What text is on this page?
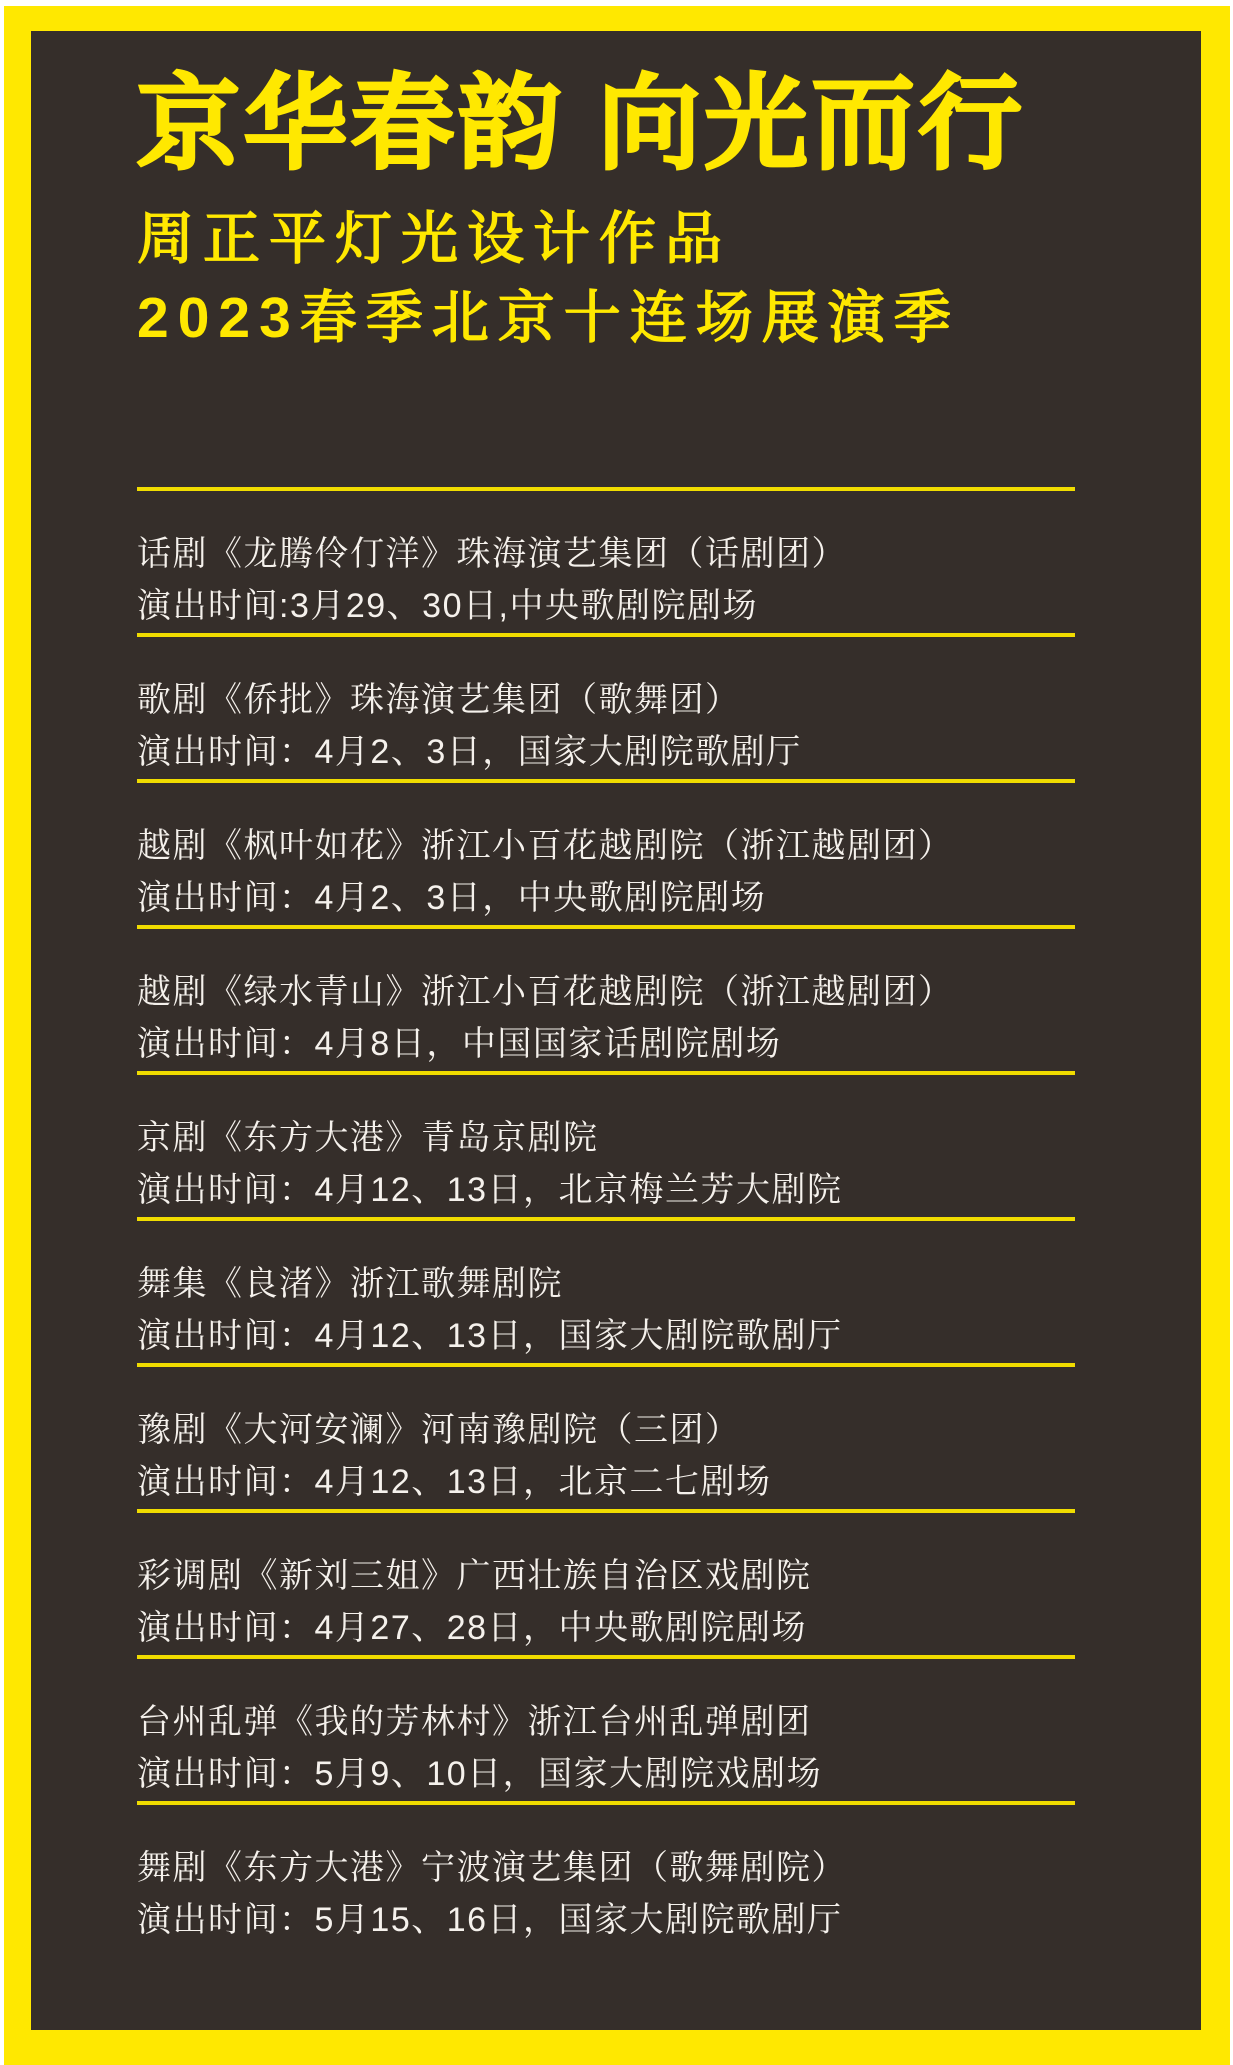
京华春韵 向光而行
周正平灯光设计作品
2023春季北京十连场展演季

话剧《龙腾伶仃洋》珠海演艺集团（话剧团）

演出时间:3月29、30日,中央歌剧院剧场

歌剧《侨批》珠海演艺集团（歌舞团）

演出时间：4月2、3日，国家大剧院歌剧厅

越剧《枫叶如花》浙江小百花越剧院（浙江越剧团）

演出时间：4月2、3日，中央歌剧院剧场

越剧《绿水青山》浙江小百花越剧院（浙江越剧团）

演出时间：4月8日，中国国家话剧院剧场

京剧《东方大港》青岛京剧院

演出时间：4月12、13日，北京梅兰芳大剧院

舞集《良渚》浙江歌舞剧院

演出时间：4月12、13日，国家大剧院歌剧厅

豫剧《大河安澜》河南豫剧院（三团）

演出时间：4月12、13日，北京二七剧场

彩调剧《新刘三姐》广西壮族自治区戏剧院

演出时间：4月27、28日，中央歌剧院剧场

台州乱弹《我的芳林村》浙江台州乱弹剧团

演出时间：5月9、10日，国家大剧院戏剧场

舞剧《东方大港》宁波演艺集团（歌舞剧院）

演出时间：5月15、16日，国家大剧院歌剧厅
